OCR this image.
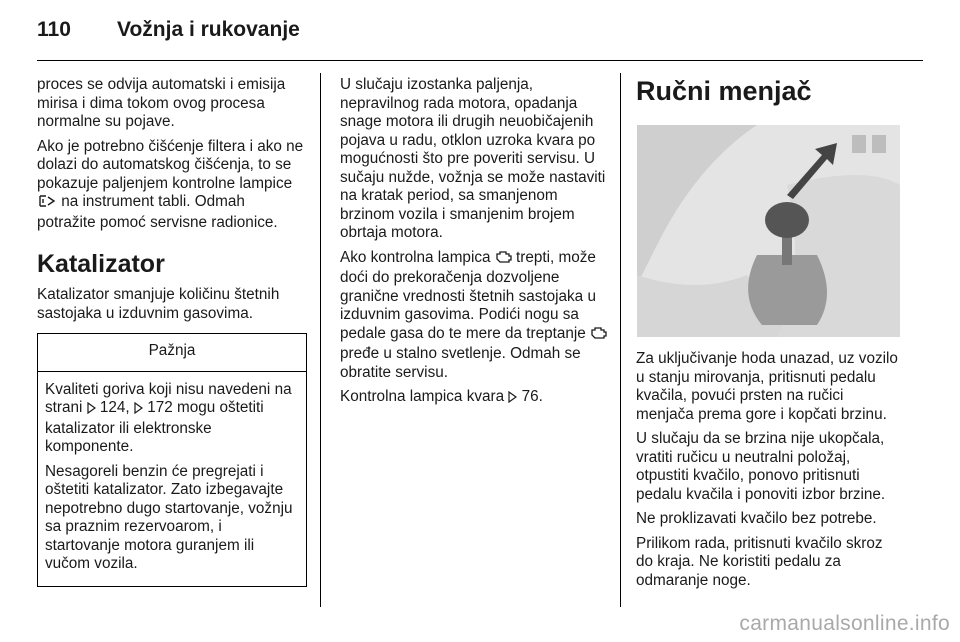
110 Vožnja i rukovanje

proces se odvija automatski i emisija mirisa i dima tokom ovog procesa normalne su pojave.

Ako je potrebno čišćenje filtera i ako ne dolazi do automatskog čišćenja, to se pokazuje paljenjem kontrolne lampice  na instrument tabli. Odmah potražite pomoć servisne radionice.

Katalizator

Katalizator smanjuje količinu štetnih sastojaka u izduvnim gasovima.

Pažnja

Kvaliteti goriva koji nisu navedeni na strani 124, 172 mogu oštetiti katalizator ili elektronske komponente.

Nesagoreli benzin će pregrejati i oštetiti katalizator. Zato izbegavajte nepotrebno dugo startovanje, vožnju sa praznim rezervoarom, i startovanje motora guranjem ili vučom vozila.

U slučaju izostanka paljenja, nepravilnog rada motora, opadanja snage motora ili drugih neuobičajenih pojava u radu, otklon uzroka kvara po mogućnosti što pre poveriti servisu. U sučaju nužde, vožnja se može nastaviti na kratak period, sa smanjenom brzinom vozila i smanjenim brojem obrtaja motora.

Ako kontrolna lampica trepti, može doći do prekoračenja dozvoljene granične vrednosti štetnih sastojaka u izduvnim gasovima. Podići nogu sa pedale gasa do te mere da treptanje  pređe u stalno svetlenje. Odmah se obratite servisu.

Kontrolna lampica kvara 76.

Ručni menjač

Za uključivanje hoda unazad, uz vozilo u stanju mirovanja, pritisnuti pedalu kvačila, povući prsten na ručici menjača prema gore i kopčati brzinu.

U slučaju da se brzina nije ukopčala, vratiti ručicu u neutralni položaj, otpustiti kvačilo, ponovo pritisnuti pedalu kvačila i ponoviti izbor brzine.

Ne proklizavati kvačilo bez potrebe.

Prilikom rada, pritisnuti kvačilo skroz do kraja. Ne koristiti pedalu za odmaranje noge.

carmanualsonline.info
